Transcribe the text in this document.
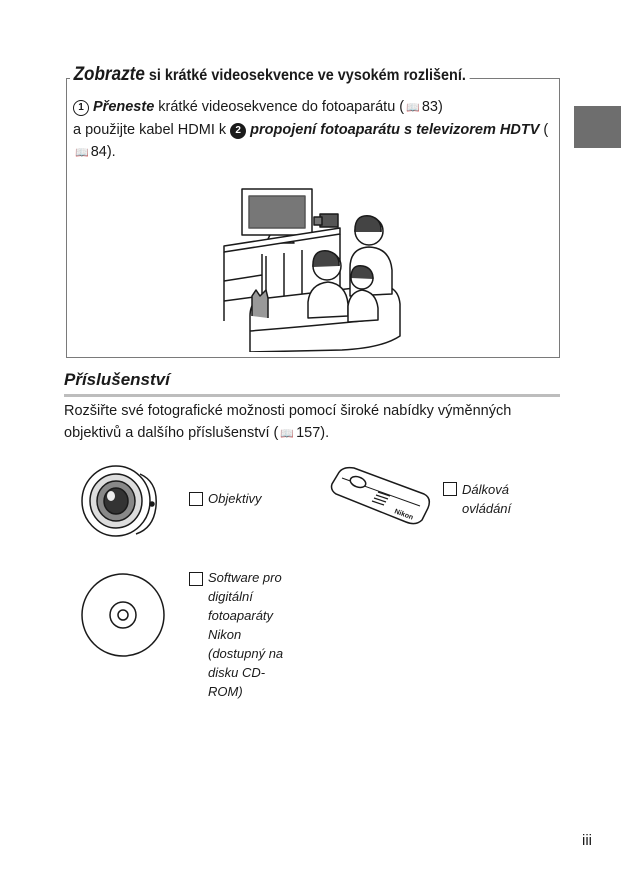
Zobrazte si krátké videosekvence ve vysokém rozlišení.
1 Přeneste krátké videosekvence do fotoaparátu ( 📖 83)
a použijte kabel HDMI k 2 propojení fotoaparátu s televizorem HDTV (📖 84).
Příslušenství
Rozšiřte své fotografické možnosti pomocí široké nabídky výměnných objektivů a dalšího příslušenství ( 📖 157).
Objektivy
Nikon
Dálková ovládání
Software pro digitální fotoaparáty Nikon (dostupný na disku CD-ROM)
iii
